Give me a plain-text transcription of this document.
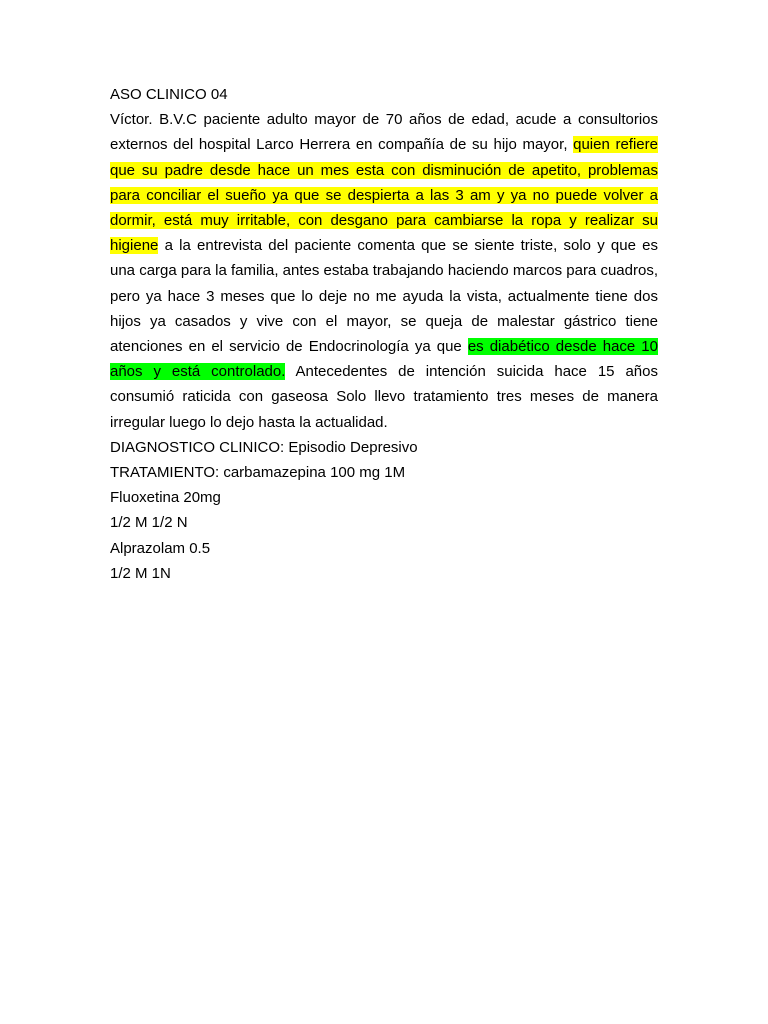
ASO CLINICO 04

Víctor. B.V.C paciente adulto mayor de 70 años de edad, acude a consultorios externos del hospital Larco Herrera en compañía de su hijo mayor, quien refiere que su padre desde hace un mes esta con disminución de apetito, problemas para conciliar el sueño ya que se despierta a las 3 am y ya no puede volver a dormir, está muy irritable, con desgano para cambiarse la ropa y realizar su higiene a la entrevista del paciente comenta que se siente triste, solo y que es una carga para la familia, antes estaba trabajando haciendo marcos para cuadros, pero ya hace 3 meses que lo deje no me ayuda la vista, actualmente tiene dos hijos ya casados y vive con el mayor, se queja de malestar gástrico tiene atenciones en el servicio de Endocrinología ya que es diabético desde hace 10 años y está controlado. Antecedentes de intención suicida hace 15 años consumió raticida con gaseosa Solo llevo tratamiento tres meses de manera irregular luego lo dejo hasta la actualidad.

DIAGNOSTICO CLINICO: Episodio Depresivo

TRATAMIENTO: carbamazepina 100 mg 1M

Fluoxetina 20mg

1/2 M 1/2 N

Alprazolam 0.5

1/2 M 1N
